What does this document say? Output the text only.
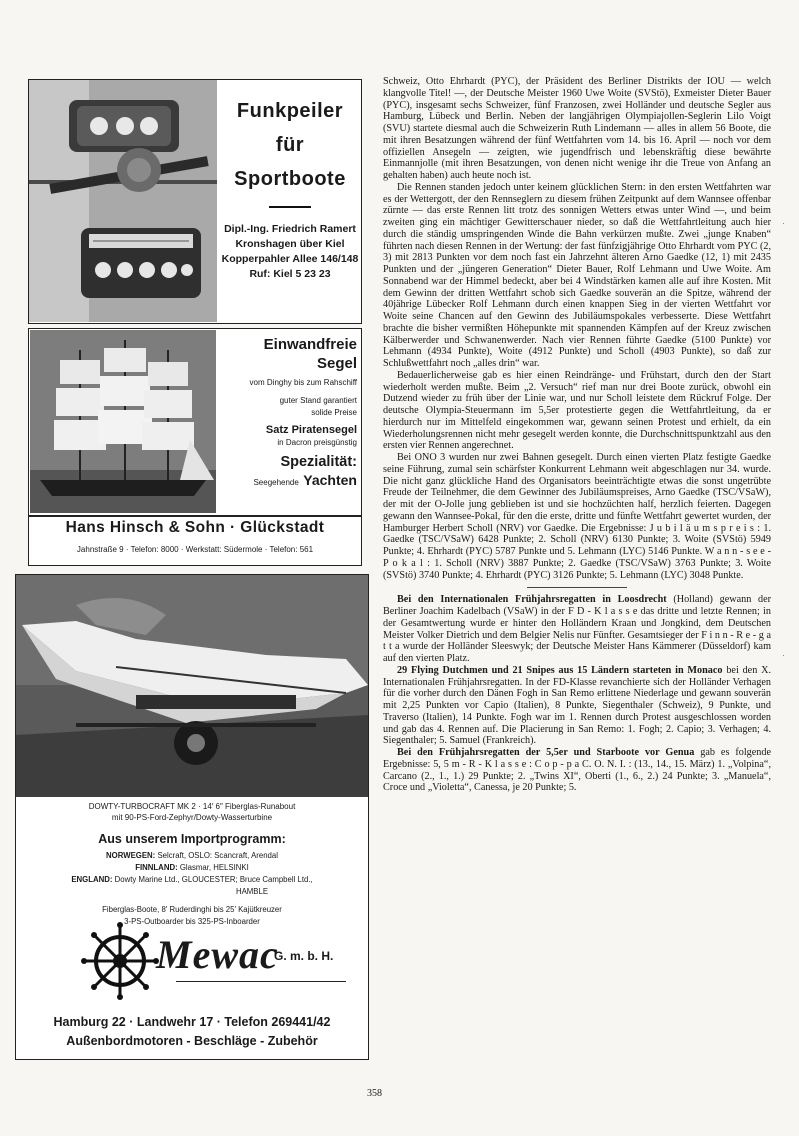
·
·
Funkpeiler
für
Sportboote
Dipl.-Ing. Friedrich Ramert
Kronshagen über Kiel
Kopperpahler Allee 146/148
Ruf: Kiel 5 23 23
Einwandfreie
Segel
vom Dinghy bis zum Rahschiff
guter Stand garantiert
solide Preise
Satz Piratensegel
in Dacron preisgünstig
Spezialität:
Seegehende Yachten
Hans Hinsch & Sohn · Glückstadt
Jahnstraße 9 · Telefon: 8000 · Werkstatt: Südermole · Telefon: 561
DOWTY-TURBOCRAFT MK 2 · 14′ 6″ Fiberglas-Runabout
mit 90-PS-Ford-Zephyr/Dowty-Wasserturbine
Aus unserem Importprogramm:
NORWEGEN: Selcraft, OSLO: Scancraft, Arendal
FINNLAND: Glasmar, HELSINKI
ENGLAND: Dowty Marine Ltd., GLOUCESTER; Bruce Campbell Ltd.,
HAMBLE
Fiberglas-Boote, 8′ Ruderdinghi bis 25′ Kajütkreuzer
3-PS-Outboarder bis 325-PS-Inboarder
Mewac
G. m. b. H.
Hamburg 22 · Landwehr 17 · Telefon 269441/42
Außenbordmotoren - Beschläge - Zubehör

Schweiz, Otto Ehrhardt (PYC), der Präsident des Berliner Distrikts der IOU — welch klangvolle Titel! —, der Deutsche Meister 1960 Uwe Woite (SVStö), Exmeister Dieter Bauer (PYC), insgesamt sechs Schweizer, fünf Franzosen, zwei Holländer und deutsche Segler aus Hamburg, Lübeck und Berlin. Neben der langjährigen Olympiajollen-Seglerin Lilo Voigt (SVU) startete diesmal auch die Schweizerin Ruth Lindemann — alles in allem 56 Boote, die mit ihren Besatzungen während der fünf Wettfahrten vom 14. bis 16. April — noch vor dem offiziellen Ansegeln — zeigten, wie jugendfrisch und lebenskräftig diese bewährte Einmannjolle (mit ihren Besatzungen, von denen nicht wenige ihr die Treue von Anfang an gehalten haben) auch heute noch ist.

Die Rennen standen jedoch unter keinem glücklichen Stern: in den ersten Wettfahrten war es der Wettergott, der den Rennseglern zu diesem frühen Zeitpunkt auf dem Wannsee offenbar zürnte — das erste Rennen litt trotz des sonnigen Wetters etwas unter Wind —, und beim zweiten ging ein mächtiger Gewitterschauer nieder, so daß die Wettfahrtleitung auch hier durch die ständig umspringenden Winde die Bahn verkürzen mußte. Zwei „junge Knaben“ führten nach diesen Rennen in der Wertung: der fast fünfzigjährige Otto Ehrhardt vom PYC (2, 3) mit 2813 Punkten vor dem noch fast ein Jahrzehnt älteren Arno Gaedke (12, 1) mit 2435 Punkten und der „jüngeren Generation“ Dieter Bauer, Rolf Lehmann und Uwe Woite. Am Sonnabend war der Himmel bedeckt, aber bei 4 Windstärken kamen alle auf ihre Kosten. Mit dem Gewinn der dritten Wettfahrt schob sich Gaedke souverän an die Spitze, während der 40jährige Lübecker Rolf Lehmann durch einen knappen Sieg in der vierten Wettfahrt vor Woite seine Chancen auf den Gewinn des Jubiläumspokales verbesserte. Diese Wettfahrt brachte die bisher vermißten Höhepunkte mit spannenden Kämpfen auf der Kreuz zwischen Kälberwerder und Schwanenwerder. Nach vier Rennen führte Gaedke (5100 Punkte) vor Lehmann (4934 Punkte), Woite (4912 Punkte) und Scholl (4903 Punkte), so daß zur Schlußwettfahrt noch „alles drin“ war.

Bedauerlicherweise gab es hier einen Reindränge- und Frühstart, durch den der Start wiederholt werden mußte. Beim „2. Versuch“ rief man nur drei Boote zurück, obwohl ein Dutzend wieder zu früh über der Linie war, und nur Scholl leistete dem Rückruf Folge. Der deutsche Olympia-Steuermann im 5,5er protestierte gegen die Wettfahrtleitung, da er hierdurch nur im Mittelfeld eingekommen war, gewann seinen Protest und erhielt, da ein Wiederholungsrennen nicht mehr gesegelt werden konnte, die Durchschnittspunktzahl aus den ersten vier Rennen angerechnet.

Bei ONO 3 wurden nur zwei Bahnen gesegelt. Durch einen vierten Platz festigte Gaedke seine Führung, zumal sein schärfster Konkurrent Lehmann weit abgeschlagen nur 34. wurde. Die nicht ganz glückliche Hand des Organisators beeinträchtigte etwas die sonst ungetrübte Freude der Teilnehmer, die dem Gewinner des Jubiläumspreises, Arno Gaedke (TSC/VSaW), der mit der O-Jolle jung geblieben ist und sie hochzüchten half, herzlich feierten. Dagegen gewann den Wannsee-Pokal, für den die erste, dritte und fünfte Wettfahrt gewertet wurden, der Hamburger Herbert Scholl (NRV) vor Gaedke. Die Ergebnisse: J u b i l ä u m s p r e i s : 1. Gaedke (TSC/VSaW) 6428 Punkte; 2. Scholl (NRV) 6130 Punkte; 3. Woite (SVStö) 5949 Punkte; 4. Ehrhardt (PYC) 5787 Punkte und 5. Lehmann (LYC) 5146 Punkte. W a n n - s e e - P o k a l : 1. Scholl (NRV) 3887 Punkte; 2. Gaedke (TSC/VSaW) 3763 Punkte; 3. Woite (SVStö) 3740 Punkte; 4. Ehrhardt (PYC) 3126 Punkte; 5. Lehmann (LYC) 3048 Punkte.

Bei den Internationalen Frühjahrsregatten in Loosdrecht (Holland) gewann der Berliner Joachim Kadelbach (VSaW) in der F D - K l a s s e das dritte und letzte Rennen; in der Gesamtwertung wurde er hinter den Holländern Kraan und Jongkind, dem Deutschen Meister Volker Dietrich und dem Belgier Nelis nur Fünfter. Gesamtsieger der F i n n - R e - g a t t a wurde der Holländer Sleeswyk; der Deutsche Meister Hans Kämmerer (Düsseldorf) kam auf den vierten Platz.

29 Flying Dutchmen und 21 Snipes aus 15 Ländern starteten in Monaco bei den X. Internationalen Frühjahrsregatten. In der FD-Klasse revanchierte sich der Holländer Verhagen für die vorher durch den Dänen Fogh in San Remo erlittene Niederlage und gewann souverän mit 2,25 Punkten vor Capio (Italien), 8 Punkte, Siegenthaler (Schweiz), 9 Punkte, und Traverso (Italien), 14 Punkte. Fogh war im 1. Rennen durch Protest ausgeschlossen worden und gab das 4. Rennen auf. Die Placierung in San Remo: 1. Fogh; 2. Capio; 3. Verhagen; 4. Siegenthaler; 5. Samuel (Frankreich).

Bei den Frühjahrsregatten der 5,5er und Starboote vor Genua gab es folgende Ergebnisse: 5, 5 m - R - K l a s s e : C o p - p a C. O. N. I. : (13., 14., 15. März) 1. „Volpina“, Carcano (2., 1., 1.) 29 Punkte; 2. „Twins XI“, Oberti (1., 6., 2.) 24 Punkte; 3. „Manuela“, Croce und „Violetta“, Canessa, je 20 Punkte; 5.

358
